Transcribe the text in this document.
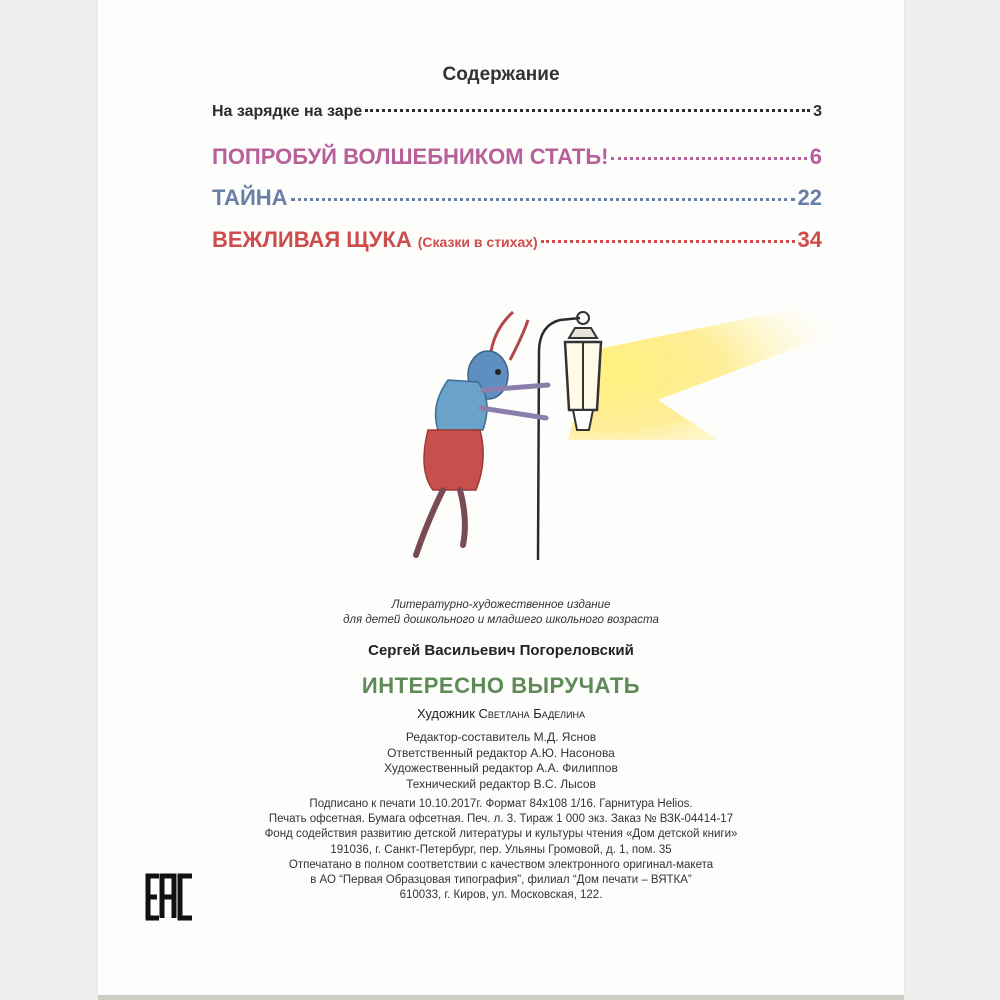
Содержание
На зарядке на заре	3
ПОПРОБУЙ ВОЛШЕБНИКОМ СТАТЬ!	6
ТАЙНА	22
ВЕЖЛИВАЯ ЩУКА (Сказки в стихах)	34
Литературно-художественное издание
для детей дошкольного и младшего школьного возраста
Сергей Васильевич Погореловский
ИНТЕРЕСНО ВЫРУЧАТЬ
Художник Светлана Баделина
Редактор-составитель М.Д. Яснов
Ответственный редактор А.Ю. Насонова
Художественный редактор А.А. Филиппов
Технический редактор В.С. Лысов
Подписано к печати 10.10.2017г. Формат 84x108 1/16. Гарнитура Helios.
Печать офсетная. Бумага офсетная. Печ. л. 3. Тираж 1 000 экз. Заказ № ВЗК-04414-17
Фонд содействия развитию детской литературы и культуры чтения «Дом детской книги»
191036, г. Санкт-Петербург, пер. Ульяны Громовой, д. 1, пом. 35
Отпечатано в полном соответствии с качеством электронного оригинал-макета
в АО “Первая Образцовая типография”, филиал “Дом печати – ВЯТКА”
610033, г. Киров, ул. Московская, 122.
